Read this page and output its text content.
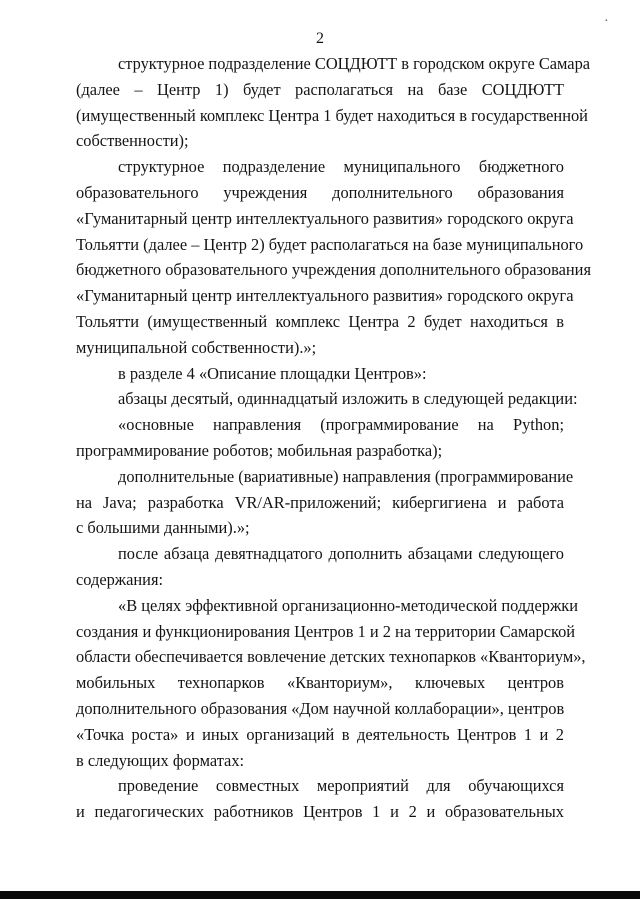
2
·
структурное подразделение СОЦДЮТТ в городском округе Самара
(далее – Центр 1) будет располагаться на базе СОЦДЮТТ
(имущественный комплекс Центра 1 будет находиться в государственной
собственности);
структурное подразделение муниципального бюджетного
образовательного учреждения дополнительного образования
«Гуманитарный центр интеллектуального развития» городского округа
Тольятти (далее – Центр 2) будет располагаться на базе муниципального
бюджетного образовательного учреждения дополнительного образования
«Гуманитарный центр интеллектуального развития» городского округа
Тольятти (имущественный комплекс Центра 2 будет находиться в
муниципальной собственности).»;
в разделе 4 «Описание площадки Центров»:
абзацы десятый, одиннадцатый изложить в следующей редакции:
«основные направления (программирование на Python;
программирование роботов; мобильная разработка);
дополнительные (вариативные) направления (программирование
на Java; разработка VR/AR-приложений; кибергигиена и работа
с большими данными).»;
после абзаца девятнадцатого дополнить абзацами следующего
содержания:
«В целях эффективной организационно-методической поддержки
создания и функционирования Центров 1 и 2 на территории Самарской
области обеспечивается вовлечение детских технопарков «Кванториум»,
мобильных технопарков «Кванториум», ключевых центров
дополнительного образования «Дом научной коллаборации», центров
«Точка роста» и иных организаций в деятельность Центров 1 и 2
в следующих форматах:
проведение совместных мероприятий для обучающихся
и педагогических работников Центров 1 и 2 и образовательных
